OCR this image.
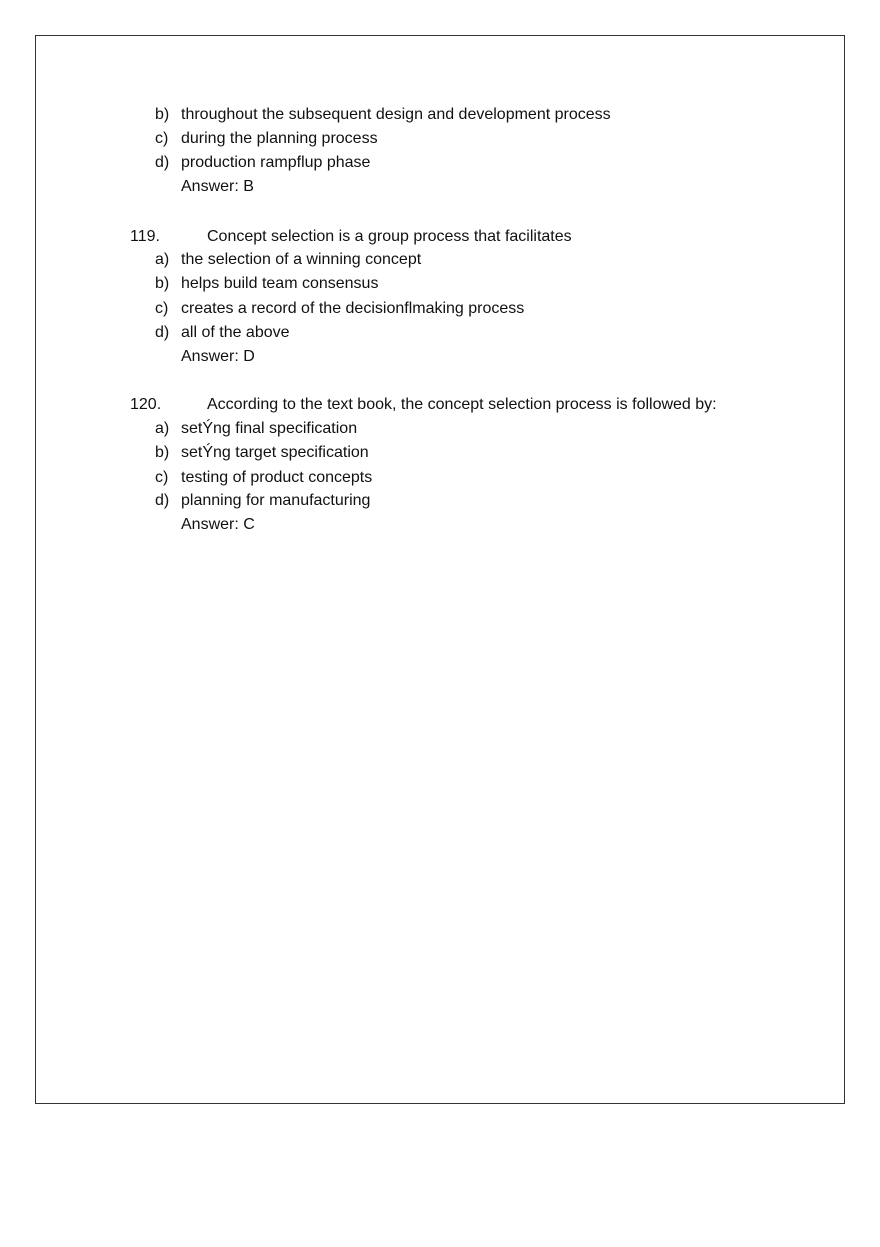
b) throughout the subsequent design and development process
c) during the planning process
d) production rampﬂup phase
Answer: B
119.	Concept selection is a group process that facilitates
a) the selection of a winning concept
b) helps build team consensus
c) creates a record of the decisionﬂmaking process
d) all of the above
Answer: D
120.	According to the text book, the concept selection process is followed by:
a) setÝng final specification
b) setÝng target specification
c) testing of product concepts
d) planning for manufacturing
Answer: C
